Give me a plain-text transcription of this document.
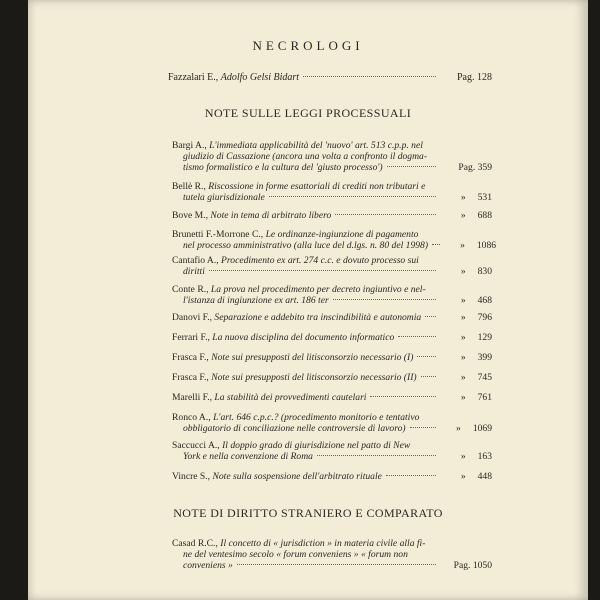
NECROLOGI
Fazzalari E., Adolfo Gelsi Bidart	Pag. 128
NOTE SULLE LEGGI PROCESSUALI
Bargi A., L'immediata applicabilità del 'nuovo' art. 513 c.p.p. nel
giudizio di Cassazione (ancora una volta a confronto il dogma-
tismo formalistico e la cultura del 'giusto processo')	Pag. 359
Bellè R., Riscossione in forme esattoriali di crediti non tributari e
tutela giurisdizionale	» 531
Bove M., Note in tema di arbitrato libero	» 688
Brunetti F.-Morrone C., Le ordinanze-ingiunzione di pagamento
nel processo amministrativo (alla luce del d.lgs. n. 80 del 1998)	» 1086
Cantafio A., Procedimento ex art. 274 c.c. e dovuto processo sui
diritti	» 830
Conte R., La prova nel procedimento per decreto ingiuntivo e nel-
l'istanza di ingiunzione ex art. 186 ter	» 468
Danovi F., Separazione e addebito tra inscindibilità e autonomia	» 796
Ferrari F., La nuova disciplina del documento informatico	» 129
Frasca F., Note sui presupposti del litisconsorzio necessario (I)	» 399
Frasca F., Note sui presupposti del litisconsorzio necessario (II)	» 745
Marelli F., La stabilità dei provvedimenti cautelari	» 761
Ronco A., L'art. 646 c.p.c.? (procedimento monitorio e tentativo
obbligatorio di conciliazione nelle controversie di lavoro)	» 1069
Saccucci A., Il doppio grado di giurisdizione nel patto di New
York e nella convenzione di Roma	» 163
Vincre S., Note sulla sospensione dell'arbitrato rituale	» 448
NOTE DI DIRITTO STRANIERO E COMPARATO
Casad R.C., Il concetto di « jurisdiction » in materia civile alla fi-
ne del ventesimo secolo « forum conveniens » « forum non
conveniens »	Pag. 1050
